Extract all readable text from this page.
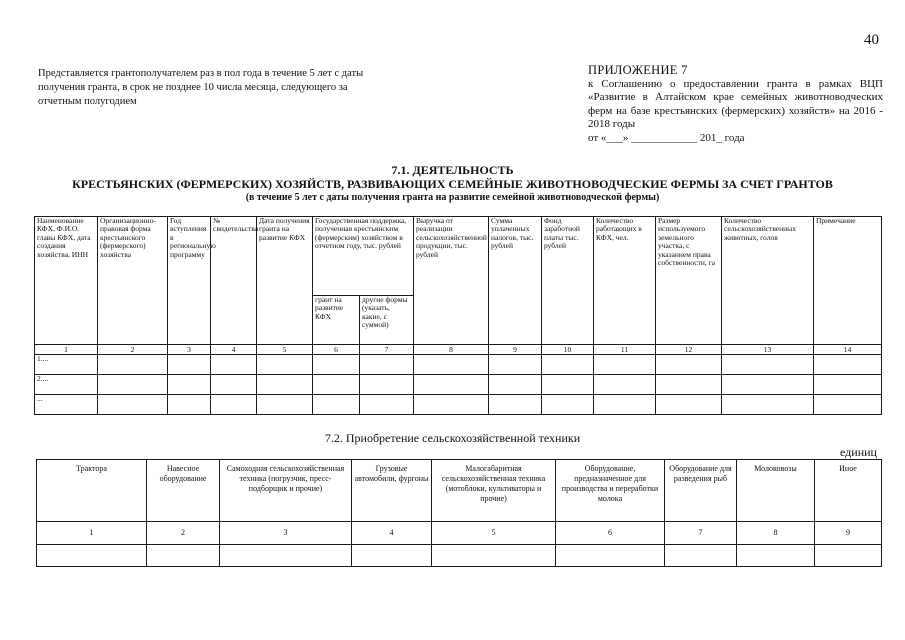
40
Представляется грантополучателем раз в пол года в течение 5 лет с даты получения гранта, в срок не позднее 10 числа месяца, следующего за отчетным полугодием
ПРИЛОЖЕНИЕ 7
к Соглашению о предоставлении гранта в рамках ВЦП «Развитие в Алтайском крае семейных животноводческих ферм на базе крестьянских (фермерских) хозяйств» на 2016 - 2018 годы
от «___» ____________ 201_ года
7.1. ДЕЯТЕЛЬНОСТЬ
КРЕСТЬЯНСКИХ (ФЕРМЕРСКИХ) ХОЗЯЙСТВ, РАЗВИВАЮЩИХ СЕМЕЙНЫЕ ЖИВОТНОВОДЧЕСКИЕ ФЕРМЫ ЗА СЧЕТ ГРАНТОВ
(в течение 5 лет с даты получения гранта на развитие семейной животноводческой фермы)
Наименование КФХ, Ф.И.О. главы КФХ, дата создания хозяйства, ИНН	Организационно-правовая форма крестьянского (фермерского) хозяйства	Год вступления в региональную программу	№ свидетельства	Дата получения гранта на развитие КФХ	Государственная поддержка, полученная крестьянским (фермерским) хозяйством в отчетном году, тыс. рублей		Выручка от реализации сельскохозяйственной продукции, тыс. рублей	Сумма уплаченных налогов, тыс. рублей	Фонд заработной платы тыс. рублей	Количество работающих в КФХ, чел.	Размер используемого земельного участка, с указанием права собственности, га	Количество сельскохозяйственных животных, голов	Примечание
					грант на развитие КФХ	другие формы (указать, какие, с суммой)							
1	2	3	4	5	6	7	8	9	10	11	12	13	14
1....													
2....													
...													
7.2. Приобретение сельскохозяйственной техники
единиц
Трактора	Навесное оборудование	Самоходная сельскохозяйственная техника (погрузчик, пресс-подборщик и прочие)	Грузовые автомобили, фургоны	Малогабаритная сельскохозяйственная техника (мотоблоки, культиваторы и прочие)	Оборудование, предназначенное для производства и переработки молока	Оборудование для разведения рыб	Молоковозы	Иное
1	2	3	4	5	6	7	8	9
